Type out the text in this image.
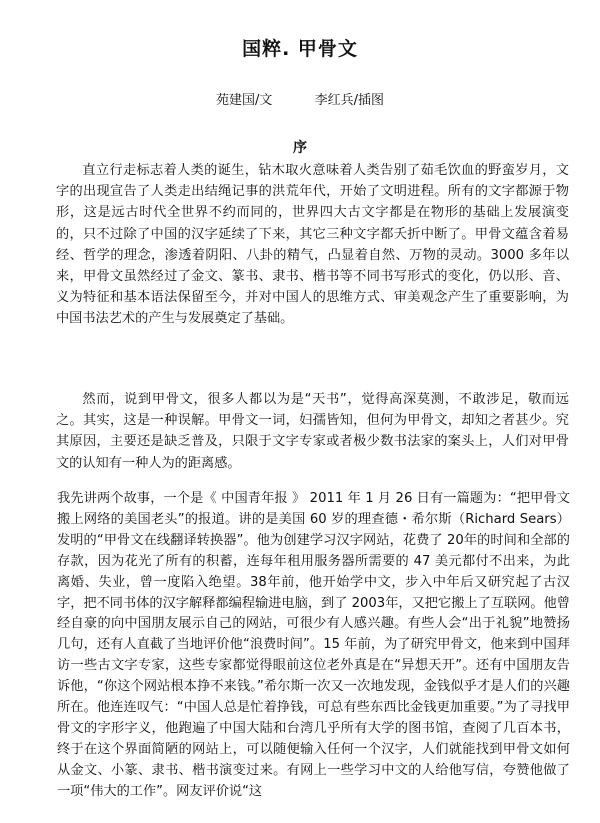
国粹. 甲骨文
苑建国/文	李红兵/插图
序
直立行走标志着人类的诞生，钻木取火意味着人类告别了茹毛饮血的野蛮岁月，文字的出现宣告了人类走出结绳记事的洪荒年代，开始了文明进程。所有的文字都源于物形，这是远古时代全世界不约而同的，世界四大古文字都是在物形的基础上发展演变的，只不过除了中国的汉字延续了下来，其它三种文字都夭折中断了。甲骨文蕴含着易经、哲学的理念，渗透着阴阳、八卦的精气，凸显着自然、万物的灵动。3000 多年以来，甲骨文虽然经过了金文、篆书、隶书、楷书等不同书写形式的变化，仍以形、音、义为特征和基本语法保留至今，并对中国人的思维方式、审美观念产生了重要影响，为中国书法艺术的产生与发展奠定了基础。
然而，说到甲骨文，很多人都以为是“天书”，觉得高深莫测，不敢涉足，敬而远之。其实，这是一种误解。甲骨文一词，妇孺皆知，但何为甲骨文，却知之者甚少。究其原因，主要还是缺乏普及，只限于文字专家或者极少数书法家的案头上，人们对甲骨文的认知有一种人为的距离感。
我先讲两个故事，一个是《 中国青年报 》 2011 年 1 月 26 日有一篇题为：“把甲骨文搬上网络的美国老头”的报道。讲的是美国 60 岁的理查德・希尔斯（Richard Sears）发明的“甲骨文在线翻译转换器”。他为创建学习汉字网站，花费了 20年的时间和全部的存款，因为花光了所有的积蓄，连每年租用服务器所需要的 47 美元都付不出来，为此离婚、失业，曾一度陷入绝望。38年前，他开始学中文，步入中年后又研究起了古汉字，把不同书体的汉字解释都编程输进电脑，到了 2003年，又把它搬上了互联网。他曾经自豪的向中国朋友展示自己的网站，可很少有人感兴趣。有些人会“出于礼貌”地赞扬几句，还有人直截了当地评价他“浪费时间”。15 年前，为了研究甲骨文，他来到中国拜访一些古文字专家，这些专家都觉得眼前这位老外真是在“异想天开”。还有中国朋友告诉他，“你这个网站根本挣不来钱。”希尔斯一次又一次地发现，金钱似乎才是人们的兴趣所在。他连连叹气：“中国人总是忙着挣钱，可总有些东西比金钱更加重要。”为了寻找甲骨文的字形字义，他跑遍了中国大陆和台湾几乎所有大学的图书馆，查阅了几百本书，终于在这个界面简陋的网站上，可以随便输入任何一个汉字，人们就能找到甲骨文如何从金文、小篆、隶书、楷书演变过来。有网上一些学习中文的人给他写信，夸赞他做了一项“伟大的工作”。网友评价说“这
